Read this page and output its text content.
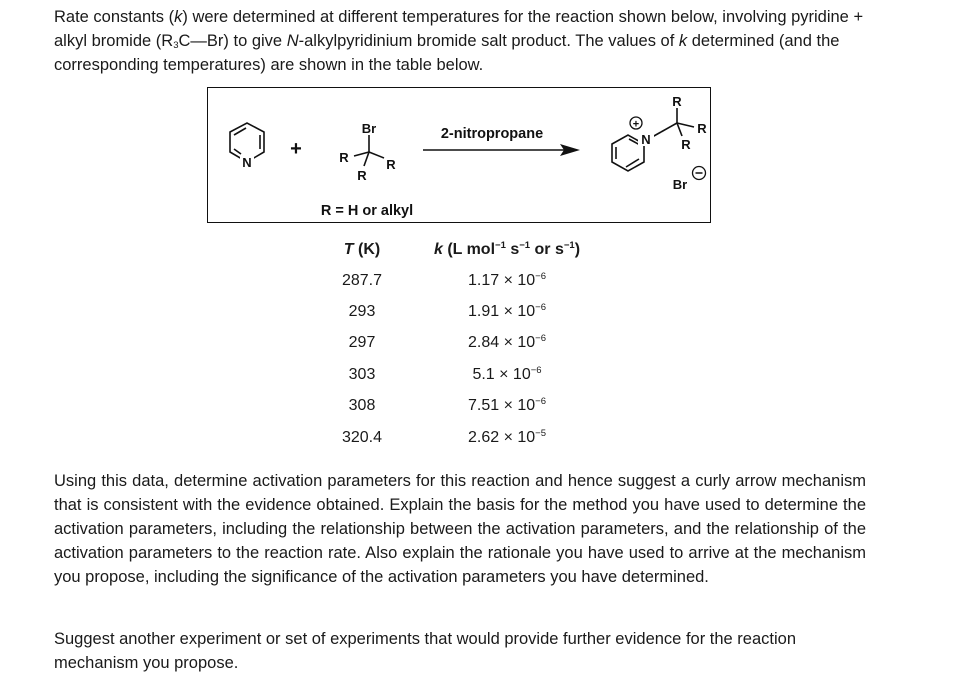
Rate constants (k) were determined at different temperatures for the reaction shown below, involving pyridine + alkyl bromide $(R_3C—Br)$ to give N-alkylpyridinium bromide salt product. The values of k determined (and the corresponding temperatures) are shown in the table below.

N
+
Br
R	R
R
2-nitropropane	N
+
R
R
R
Br
R = H or alkyl
T (K)	k (L mol$^{-1}$ $s^{-1}$ or $s^{-1}$)
287.7	$1.17 \times 10^{-6}$
293	$1.91 \times 10^{-6}$
297	$2.84 \times 10^{-6}$
303	$5.1 \times 10^{-6}$
308	$7.51 \times 10^{-6}$
320.4	$2.62 \times 10^{-5}$

Using this data, determine activation parameters for this reaction and hence suggest a curly arrow mechanism that is consistent with the evidence obtained. Explain the basis for the method you have used to determine the activation parameters, including the relationship between the activation parameters, and the relationship of the activation parameters to the reaction rate. Also explain the rationale you have used to arrive at the mechanism you propose, including the significance of the activation parameters you have determined.

Suggest another experiment or set of experiments that would provide further evidence for the reaction mechanism you propose.
